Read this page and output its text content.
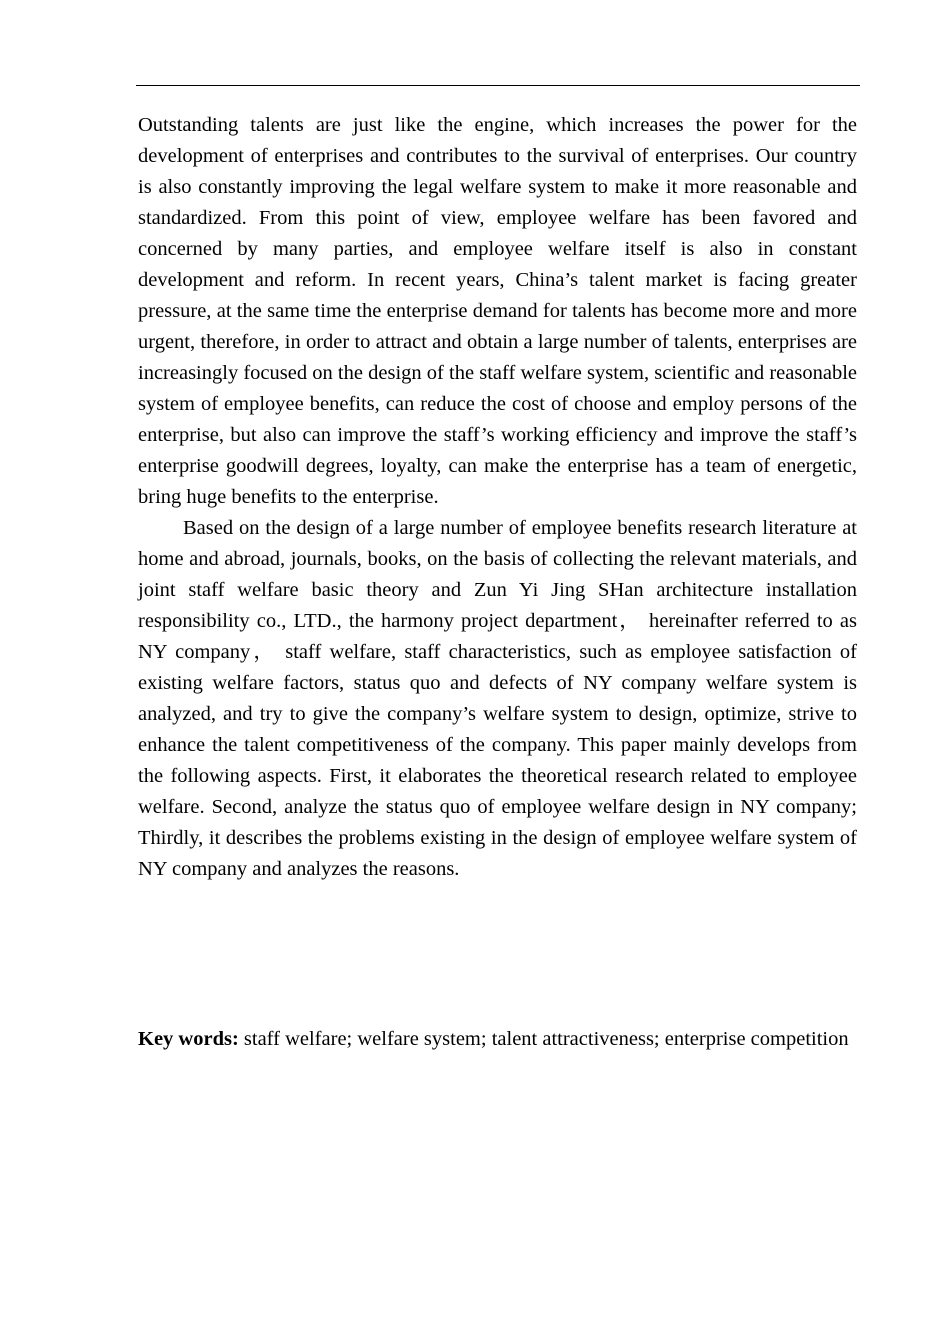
Outstanding talents are just like the engine, which increases the power for the development of enterprises and contributes to the survival of enterprises. Our country is also constantly improving the legal welfare system to make it more reasonable and standardized. From this point of view, employee welfare has been favored and concerned by many parties, and employee welfare itself is also in constant development and reform. In recent years, China’s talent market is facing greater pressure, at the same time the enterprise demand for talents has become more and more urgent, therefore, in order to attract and obtain a large number of talents, enterprises are increasingly focused on the design of the staff welfare system, scientific and reasonable system of employee benefits, can reduce the cost of choose and employ persons of the enterprise, but also can improve the staff’s working efficiency and improve the staff’s enterprise goodwill degrees, loyalty, can make the enterprise has a team of energetic, bring huge benefits to the enterprise.

Based on the design of a large number of employee benefits research literature at home and abroad, journals, books, on the basis of collecting the relevant materials, and joint staff welfare basic theory and Zun Yi Jing SHan architecture installation responsibility co., LTD., the harmony project department， hereinafter referred to as NY company， staff welfare, staff characteristics, such as employee satisfaction of existing welfare factors, status quo and defects of NY company welfare system is analyzed, and try to give the company’s welfare system to design, optimize, strive to enhance the talent competitiveness of the company. This paper mainly develops from the following aspects. First, it elaborates the theoretical research related to employee welfare. Second, analyze the status quo of employee welfare design in NY company; Thirdly, it describes the problems existing in the design of employee welfare system of NY company and analyzes the reasons.

Key words: staff welfare; welfare system; talent attractiveness; enterprise competition
